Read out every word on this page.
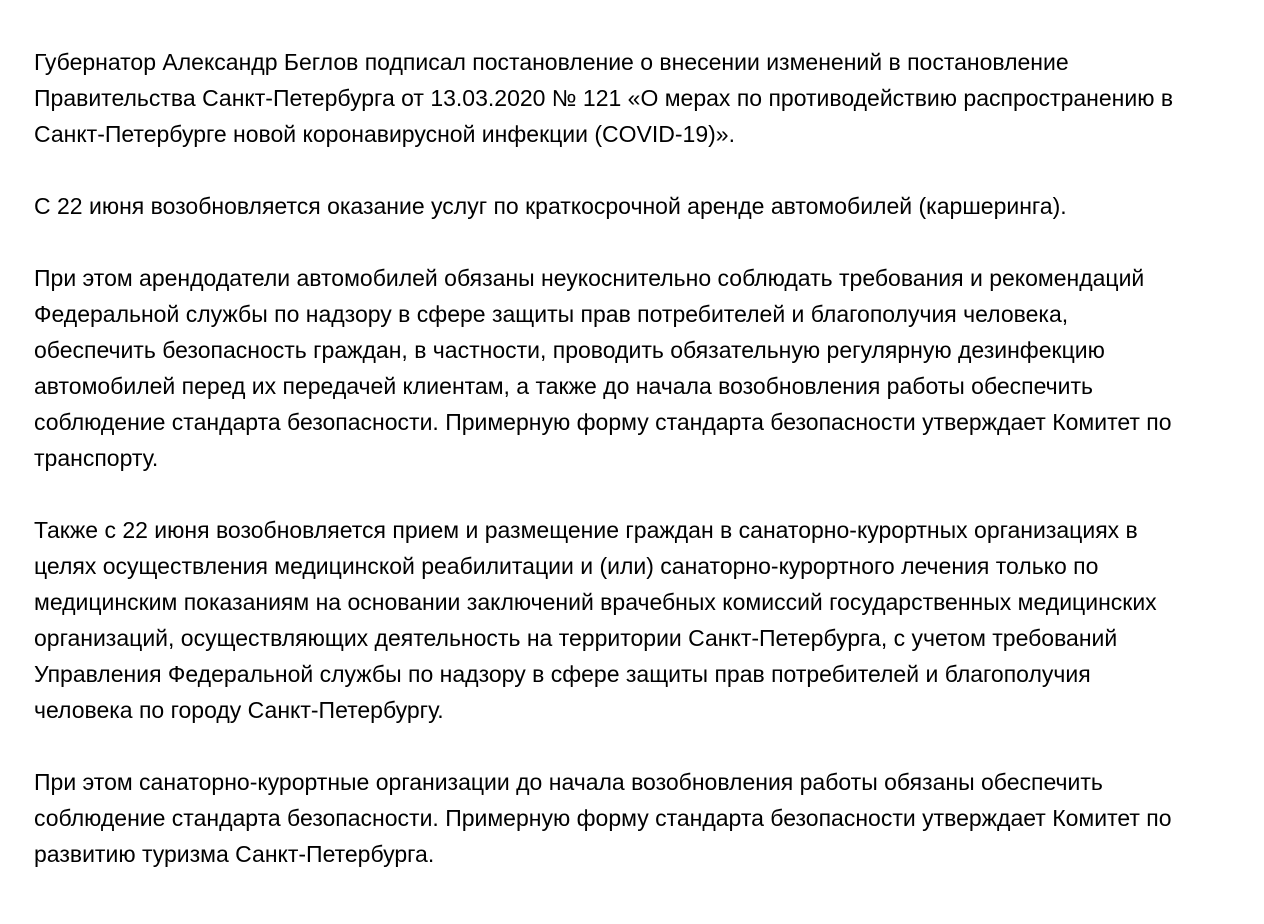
Губернатор Александр Беглов подписал постановление о внесении изменений в постановление
Правительства Санкт-Петербурга от 13.03.2020 № 121 «О мерах по противодействию распространению в
Санкт-Петербурге новой коронавирусной инфекции (COVID-19)».

С 22 июня возобновляется оказание услуг по краткосрочной аренде автомобилей (каршеринга).

При этом арендодатели автомобилей обязаны неукоснительно соблюдать требования и рекомендаций
Федеральной службы по надзору в сфере защиты прав потребителей и благополучия человека,
обеспечить безопасность граждан, в частности, проводить обязательную регулярную дезинфекцию
автомобилей перед их передачей клиентам, а также до начала возобновления работы обеспечить
соблюдение стандарта безопасности. Примерную форму стандарта безопасности утверждает Комитет по
транспорту.

Также с 22 июня возобновляется прием и размещение граждан в санаторно-курортных организациях в
целях осуществления медицинской реабилитации и (или) санаторно-курортного лечения только по
медицинским показаниям на основании заключений врачебных комиссий государственных медицинских
организаций, осуществляющих деятельность на территории Санкт-Петербурга, с учетом требований
Управления Федеральной службы по надзору в сфере защиты прав потребителей и благополучия
человека по городу Санкт-Петербургу.

При этом санаторно-курортные организации до начала возобновления работы обязаны обеспечить
соблюдение стандарта безопасности. Примерную форму стандарта безопасности утверждает Комитет по
развитию туризма Санкт-Петербурга.
